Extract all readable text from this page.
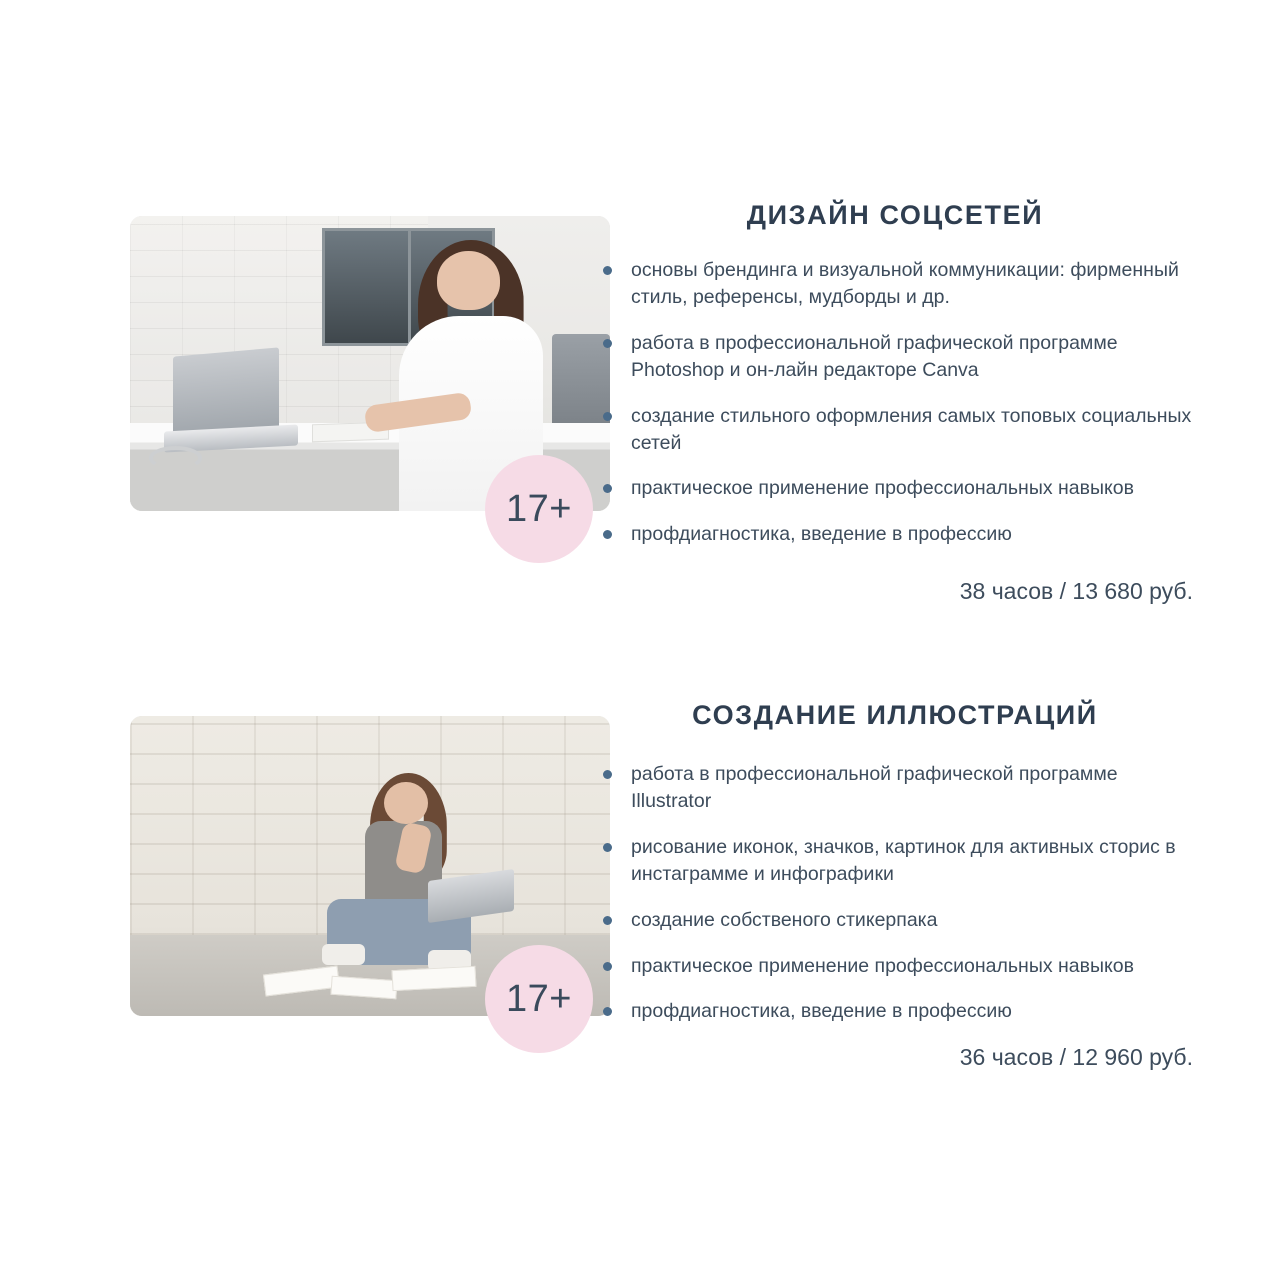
17+
ДИЗАЙН СОЦСЕТЕЙ
основы брендинга и визуальной коммуникации: фирменный стиль, референсы, мудборды и др.
работа в профессиональной графической программе Photoshop и он-лайн редакторе Canva
создание стильного оформления самых топовых социальных сетей
практическое применение профессиональных навыков
профдиагностика, введение в профессию
38 часов / 13 680 руб.
17+
СОЗДАНИЕ ИЛЛЮСТРАЦИЙ
работа в профессиональной графической программе Illustrator
рисование иконок, значков, картинок для активных сторис в инстаграмме и инфографики
создание собственого стикерпака
практическое применение профессиональных навыков
профдиагностика, введение в профессию
36 часов / 12 960 руб.
